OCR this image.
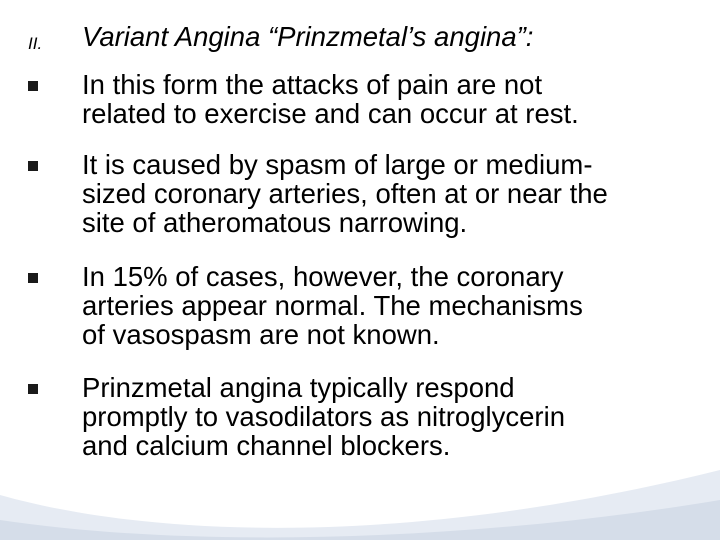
II. Variant Angina “Prinzmetal’s angina”:
In this form the attacks of pain are not
related to exercise and can occur at rest.
It is caused by spasm of large or medium-
sized coronary arteries, often at or near the
site of atheromatous narrowing.
In 15% of cases, however, the coronary
arteries appear normal. The mechanisms
of vasospasm are not known.
Prinzmetal angina typically respond
promptly to vasodilators as nitroglycerin
and calcium channel blockers.
